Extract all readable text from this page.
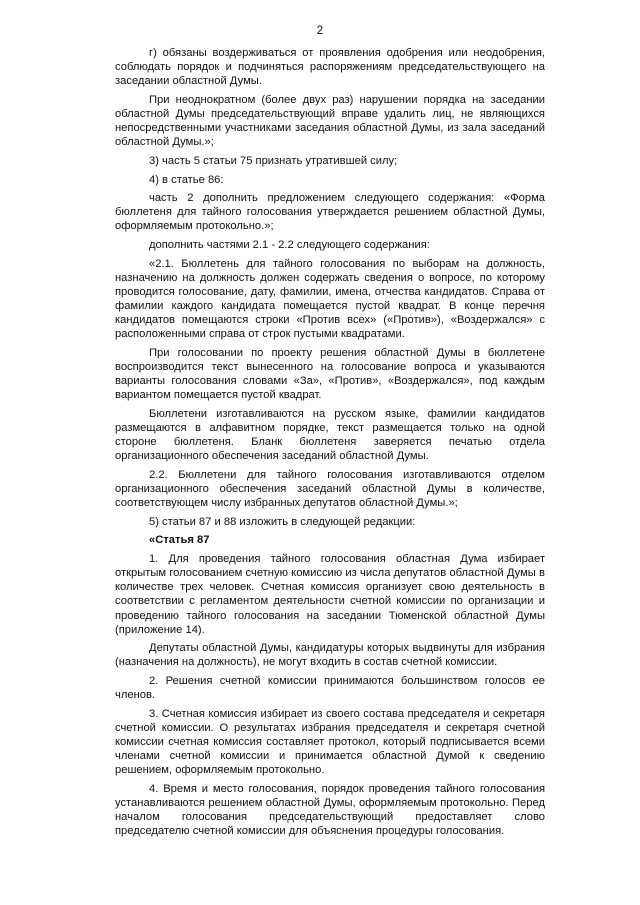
2

г) обязаны воздерживаться от проявления одобрения или неодобрения, соблюдать порядок и подчиняться распоряжениям председательствующего на заседании областной Думы.

При неоднократном (более двух раз) нарушении порядка на заседании областной Думы председательствующий вправе удалить лиц, не являющихся непосредственными участниками заседания областной Думы, из зала заседаний областной Думы.»;

3) часть 5 статьи 75 признать утратившей силу;

4) в статье 86:

часть 2 дополнить предложением следующего содержания: «Форма бюллетеня для тайного голосования утверждается решением областной Думы, оформляемым протокольно.»;

дополнить частями 2.1 - 2.2 следующего содержания:

«2.1. Бюллетень для тайного голосования по выборам на должность, назначению на должность должен содержать сведения о вопросе, по которому проводится голосование, дату, фамилии, имена, отчества кандидатов. Справа от фамилии каждого кандидата помещается пустой квадрат. В конце перечня кандидатов помещаются строки «Против всех» («Против»), «Воздержался» с расположенными справа от строк пустыми квадратами.

При голосовании по проекту решения областной Думы в бюллетене воспроизводится текст вынесенного на голосование вопроса и указываются варианты голосования словами «За», «Против», «Воздержался», под каждым вариантом помещается пустой квадрат.

Бюллетени изготавливаются на русском языке, фамилии кандидатов размещаются в алфавитном порядке, текст размещается только на одной стороне бюллетеня. Бланк бюллетеня заверяется печатью отдела организационного обеспечения заседаний областной Думы.

2.2. Бюллетени для тайного голосования изготавливаются отделом организационного обеспечения заседаний областной Думы в количестве, соответствующем числу избранных депутатов областной Думы.»;

5) статьи 87 и 88 изложить в следующей редакции:

«Статья 87

1. Для проведения тайного голосования областная Дума избирает открытым голосованием счетную комиссию из числа депутатов областной Думы в количестве трех человек. Счетная комиссия организует свою деятельность в соответствии с регламентом деятельности счетной комиссии по организации и проведению тайного голосования на заседании Тюменской областной Думы (приложение 14).

Депутаты областной Думы, кандидатуры которых выдвинуты для избрания (назначения на должность), не могут входить в состав счетной комиссии.

2. Решения счетной комиссии принимаются большинством голосов ее членов.

3. Счетная комиссия избирает из своего состава председателя и секретаря счетной комиссии. О результатах избрания председателя и секретаря счетной комиссии счетная комиссия составляет протокол, который подписывается всеми членами счетной комиссии и принимается областной Думой к сведению решением, оформляемым протокольно.

4. Время и место голосования, порядок проведения тайного голосования устанавливаются решением областной Думы, оформляемым протокольно. Перед началом голосования председательствующий предоставляет слово председателю счетной комиссии для объяснения процедуры голосования.
